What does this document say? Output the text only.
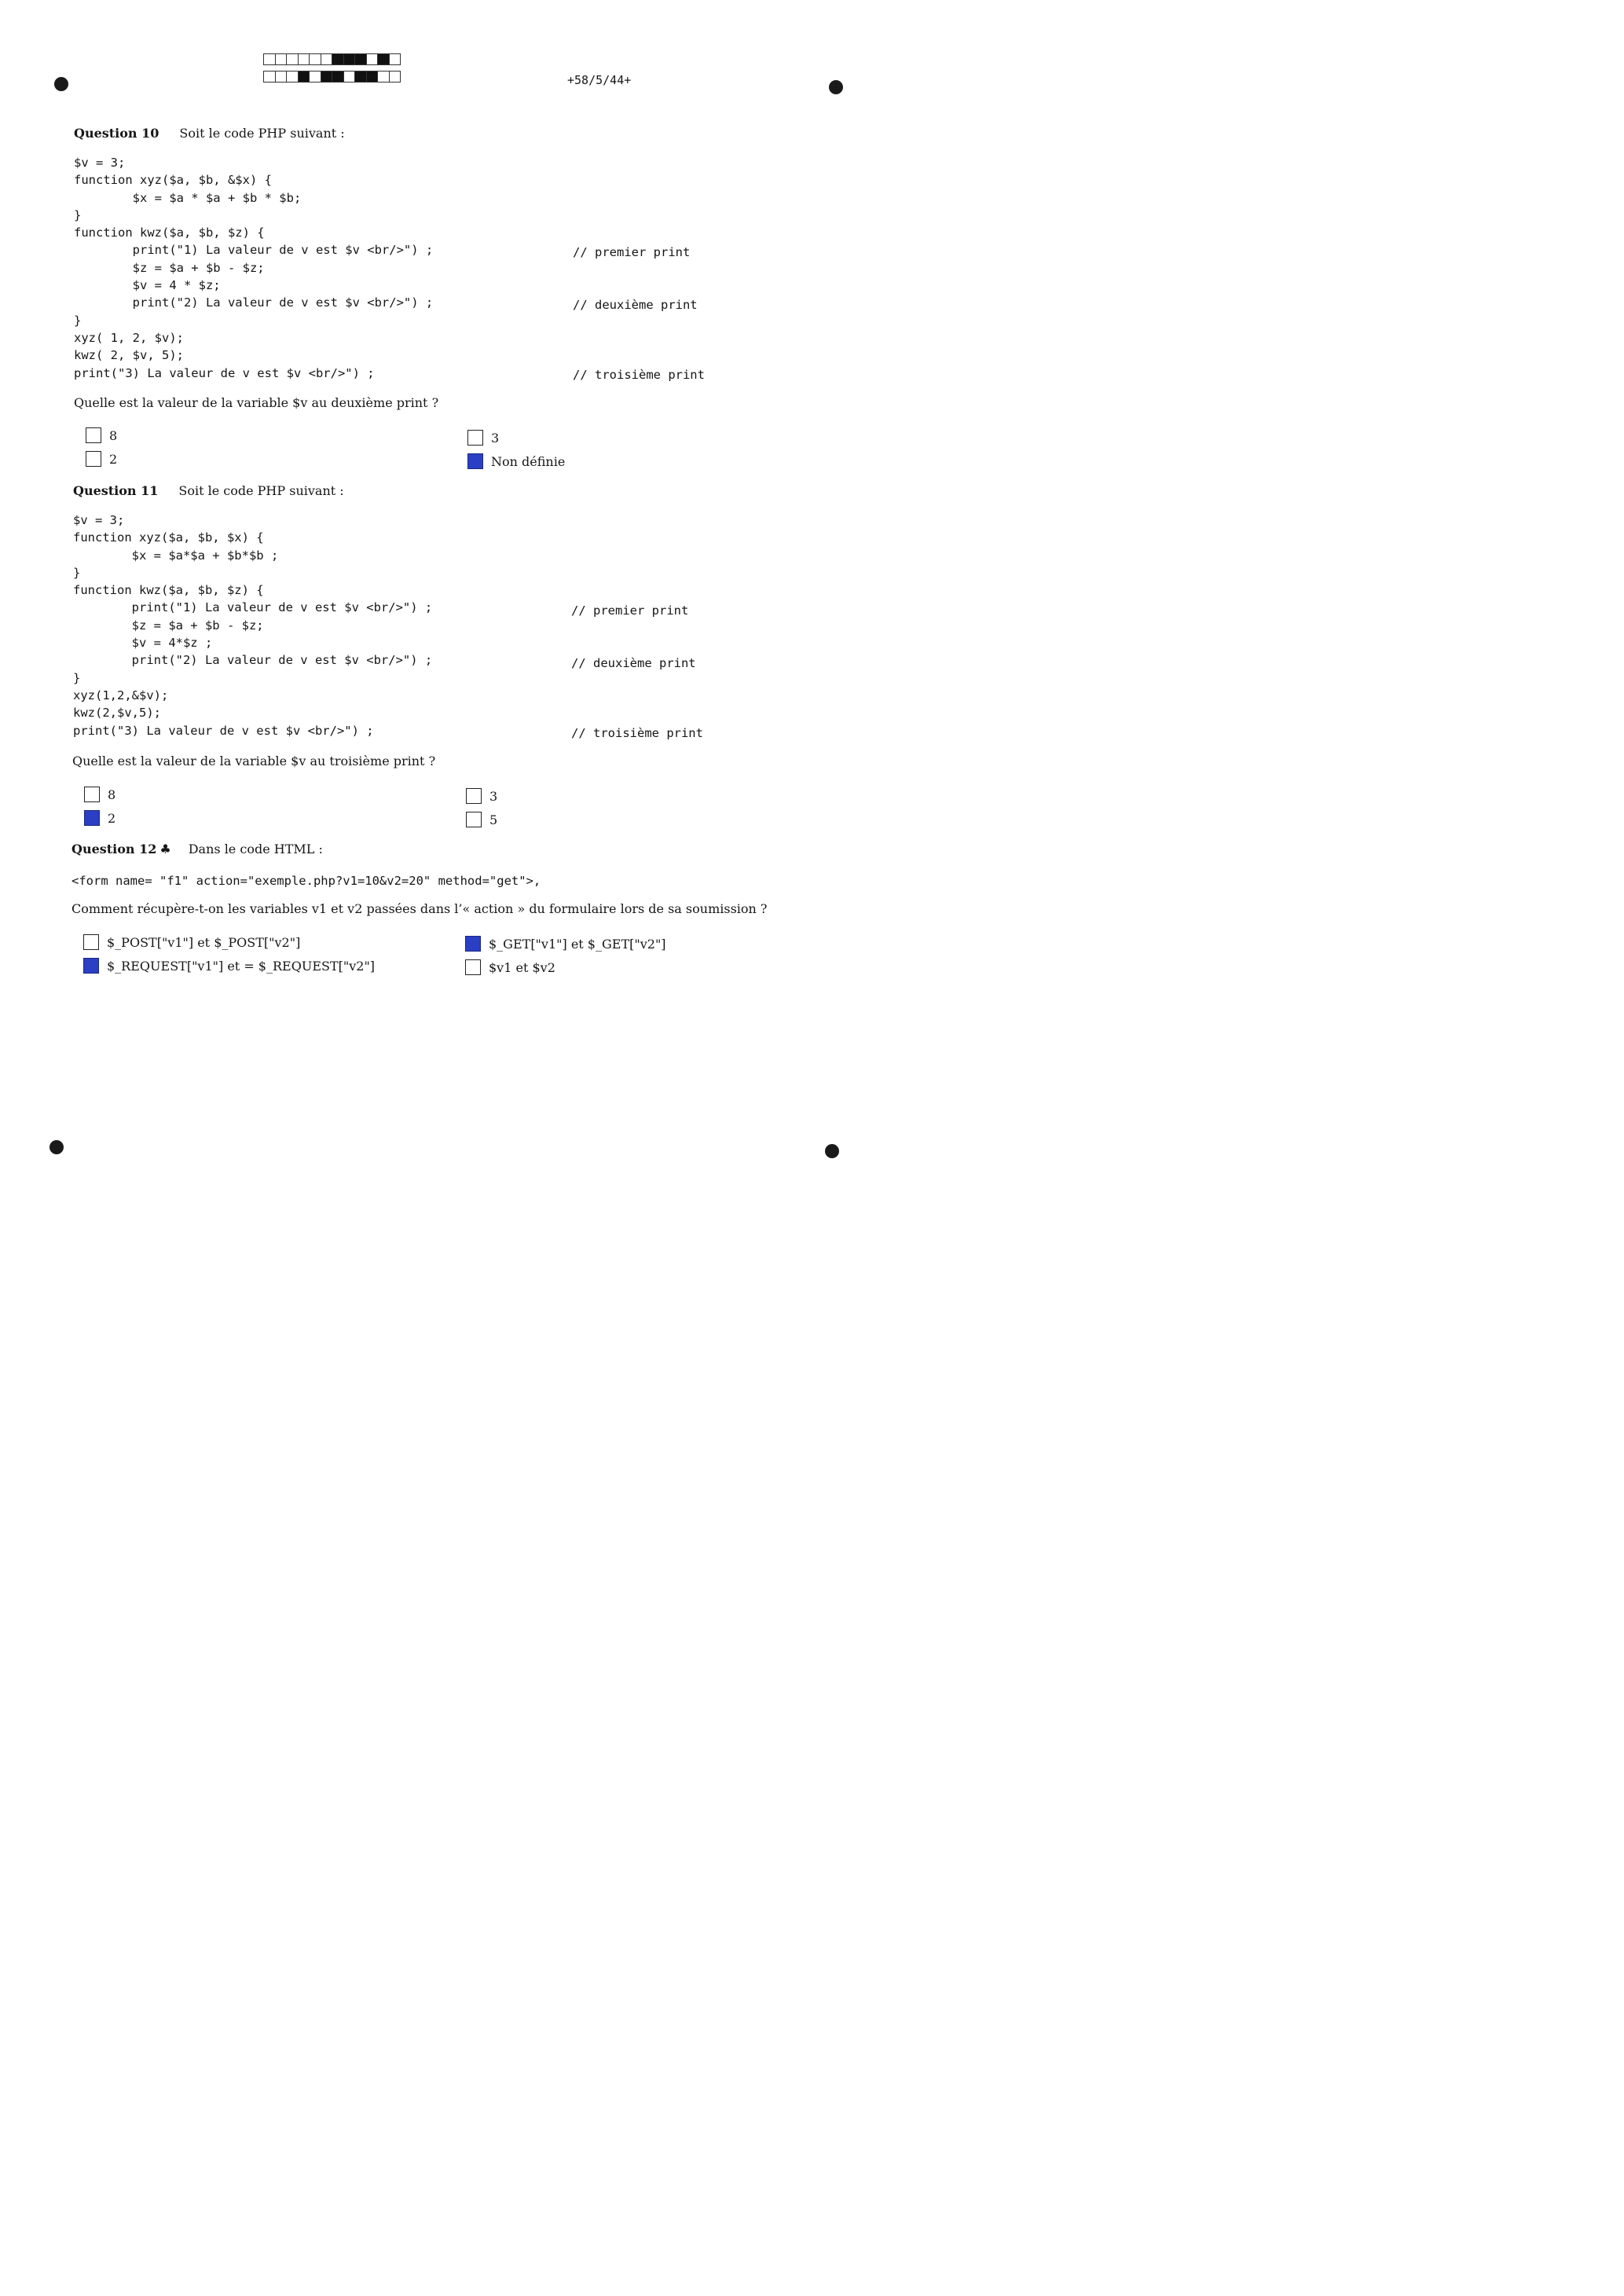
+58/5/44+
Question 10 Soit le code PHP suivant :
$v = 3;
function xyz($a, $b, &$x) {
$x = $a * $a + $b * $b;
}
function kwz($a, $b, $z) {
print("1) La valeur de v est $v <br/>") ;
$z = $a + $b - $z;
$v = 4 * $z;
print("2) La valeur de v est $v <br/>") ;
}
xyz( 1, 2, $v);
kwz( 2, $v, 5);
print("3) La valeur de v est $v <br/>") ;
// premier print
// deuxième print
// troisième print
Quelle est la valeur de la variable $v au deuxième print ?
8
2
3
Non définie
Question 11 Soit le code PHP suivant :
$v = 3;
function xyz($a, $b, $x) {
$x = $a*$a + $b*$b ;
}
function kwz($a, $b, $z) {
print("1) La valeur de v est $v <br/>") ;
$z = $a + $b - $z;
$v = 4*$z ;
print("2) La valeur de v est $v <br/>") ;
}
xyz(1,2,&$v);
kwz(2,$v,5);
print("3) La valeur de v est $v <br/>") ;
// premier print
// deuxième print
// troisième print
Quelle est la valeur de la variable $v au troisième print ?
8
2
3
5
Question 12 ♣ Dans le code HTML :
<form name= "f1" action="exemple.php?v1=10&v2=20" method="get">,
Comment récupère-t-on les variables v1 et v2 passées dans l’« action » du formulaire lors de sa soumission ?
$_POST["v1"] et $_POST["v2"]
$_REQUEST["v1"] et = $_REQUEST["v2"]
$_GET["v1"] et $_GET["v2"]
$v1 et $v2
